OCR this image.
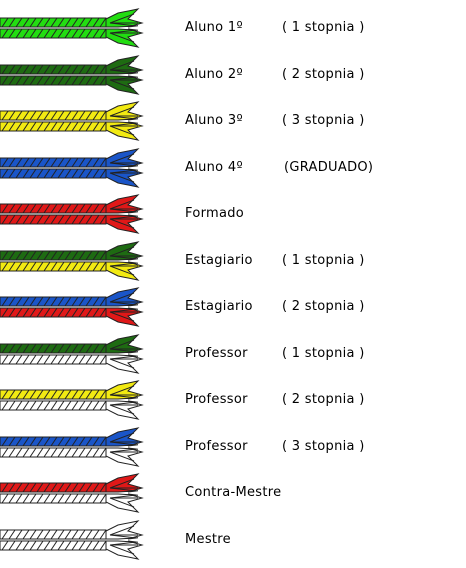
Aluno 1º	( 1 stopnia )
Aluno 2º	( 2 stopnia )
Aluno 3º	( 3 stopnia )
Aluno 4º	(GRADUADO)
Formado
Estagiario ( 1 stopnia )
Estagiario ( 2 stopnia )
Professor	( 1 stopnia )
Professor	( 2 stopnia )
Professor	( 3 stopnia )
Contra-Mestre
Mestre
